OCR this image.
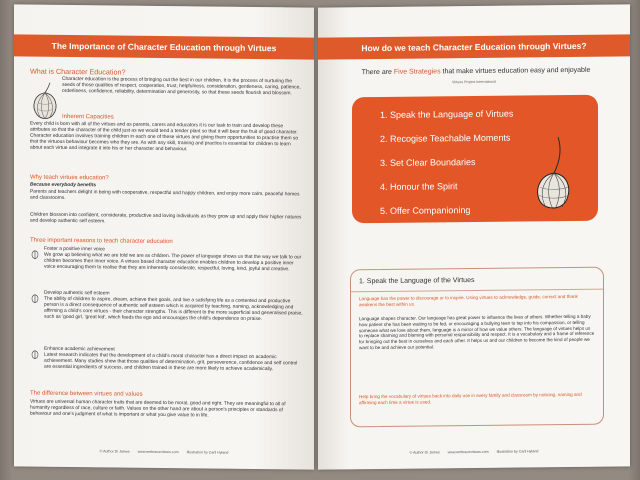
The Importance of Character Education through Virtues
What is Character Education?
Character education is the process of bringing out the best in our children. It is the process of nurturing the seeds of those qualities of respect, cooperation, trust, helpfulness, consideration, gentleness, caring, patience, orderliness, confidence, reliability, determination and generosity, so that these seeds flourish and blossom.
Inherent Capacities
Every child is born with all of the virtues and as parents, carers and educators it is our task to train and develop these attributes so that the character of the child just as we would tend a tender plant so that it will bear the fruit of good character. Character education involves training children in each one of these virtues and giving them opportunities to practise them so that the virtuous behaviour becomes who they are. As with any skill, training and practice is essential for children to learn about each virtue and integrate it into his or her character and behaviour.
Why teach virtues education?
Because everybody benefits
Parents and teachers delight in being with cooperative, respectful and happy children, and enjoy more calm, peaceful homes and classrooms.
Children blossom into confident, considerate, productive and loving individuals as they grow up and apply their higher natures and develop authentic self esteem.
Three important reasons to teach character education
Foster a positive inner voice
We grow up believing what we are told we are as children. The power of language shows us that the way we talk to our children becomes their inner voice. A virtues based character education enables children to develop a positive inner voice encouraging them to realise that they are inherently considerate, respectful, loving, kind, joyful and creative.
Develop authentic self esteem
The ability of children to aspire, dream, achieve their goals, and live a satisfying life as a contented and productive person is a direct consequence of authentic self esteem which is acquired by teaching, naming, acknowledging and affirming a child's core virtues - their character strengths. This is different to the more superficial and generalised praise, such as 'good girl, 'great kid', which feeds the ego and encourages the child's dependence on praise.
Enhance academic achievement
Latest research indicates that the development of a child's moral character has a direct impact on academic achievement. Many studies show that those qualities of determination, grit, perseverence, confidence and self control are essential ingredients of success, and children trained in these are more likely to achieve academically.
The difference between virtues and values
Virtues are universal human character traits that are deemed to be moral, good and right. They are meaningful to all of humanity regardless of race, culture or faith. Values on the other hand are about a person's principles or standards of behaviour and one's judgment of what is important or what you give value to in life.
© Author Di James www.embracevirtues.com Illustration by Carli Hyland
How do we teach Character Education through Virtues?
There are Five Strategies that make virtues education easy and enjoyable
Virtues Project International
1. Speak the Language of Virtues
2. Recogise Teachable Moments
3. Set Clear Boundaries
4. Honour the Spirit
5. Offer Companioning
1. Speak the Language of the Virtues
Language has the power to discourage or to inspire. Using virtues to acknowledge, guide, correct and thank awakens the best within us.
Language shapes character. Our language has great power to influence the lives of others. Whether telling a baby how patient she has been waiting to be fed, or encouraging a bullying teen to tap into his compassion, or telling someone what we love about them, language is a mirror of how we value others. The language of virtues helps us to replace shaming and blaming with personal responsibility and respect. It is a vocabulary and a frame of reference for bringing out the best in ourselves and each other. It helps us and our children to become the kind of people we want to be and achieve our potential.
Help bring the vocabulary of virtues back into daily use in every family and classroom by noticing, naming and affirming each time a virtue is used.
© Author Di James www.embracevirtues.com Illustration by Carli Hyland
